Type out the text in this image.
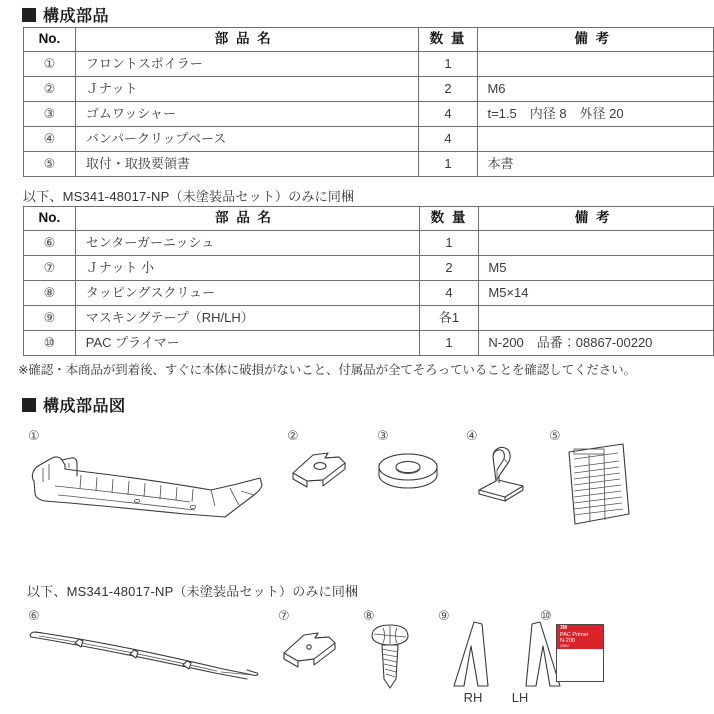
構成部品
No.	部 品 名	数 量	備 考
①	フロントスポイラー	1	
②	Ｊナット	2	M6
③	ゴムワッシャー	4	t=1.5　内径 8　外径 20
④	バンパークリップベース	4	
⑤	取付・取扱要領書	1	本書
以下、MS341-48017-NP（未塗装品セット）のみに同梱
No.	部 品 名	数 量	備 考
⑥	センターガーニッシュ	1	
⑦	Ｊナット 小	2	M5
⑧	タッピングスクリュー	4	M5×14
⑨	マスキングテープ（RH/LH）	各1	
⑩	PAC プライマー	1	N-200　品番：08867-00220
※確認・本商品が到着後、すぐに本体に破損がないこと、付属品が全てそろっていることを確認してください。
構成部品図
①	②	③	④	⑤
以下、MS341-48017-NP（未塗装品セット）のみに同梱
⑥	⑦	⑧	⑨
RH	LH
⑩
3M
PAC Primer
N-200
08867
